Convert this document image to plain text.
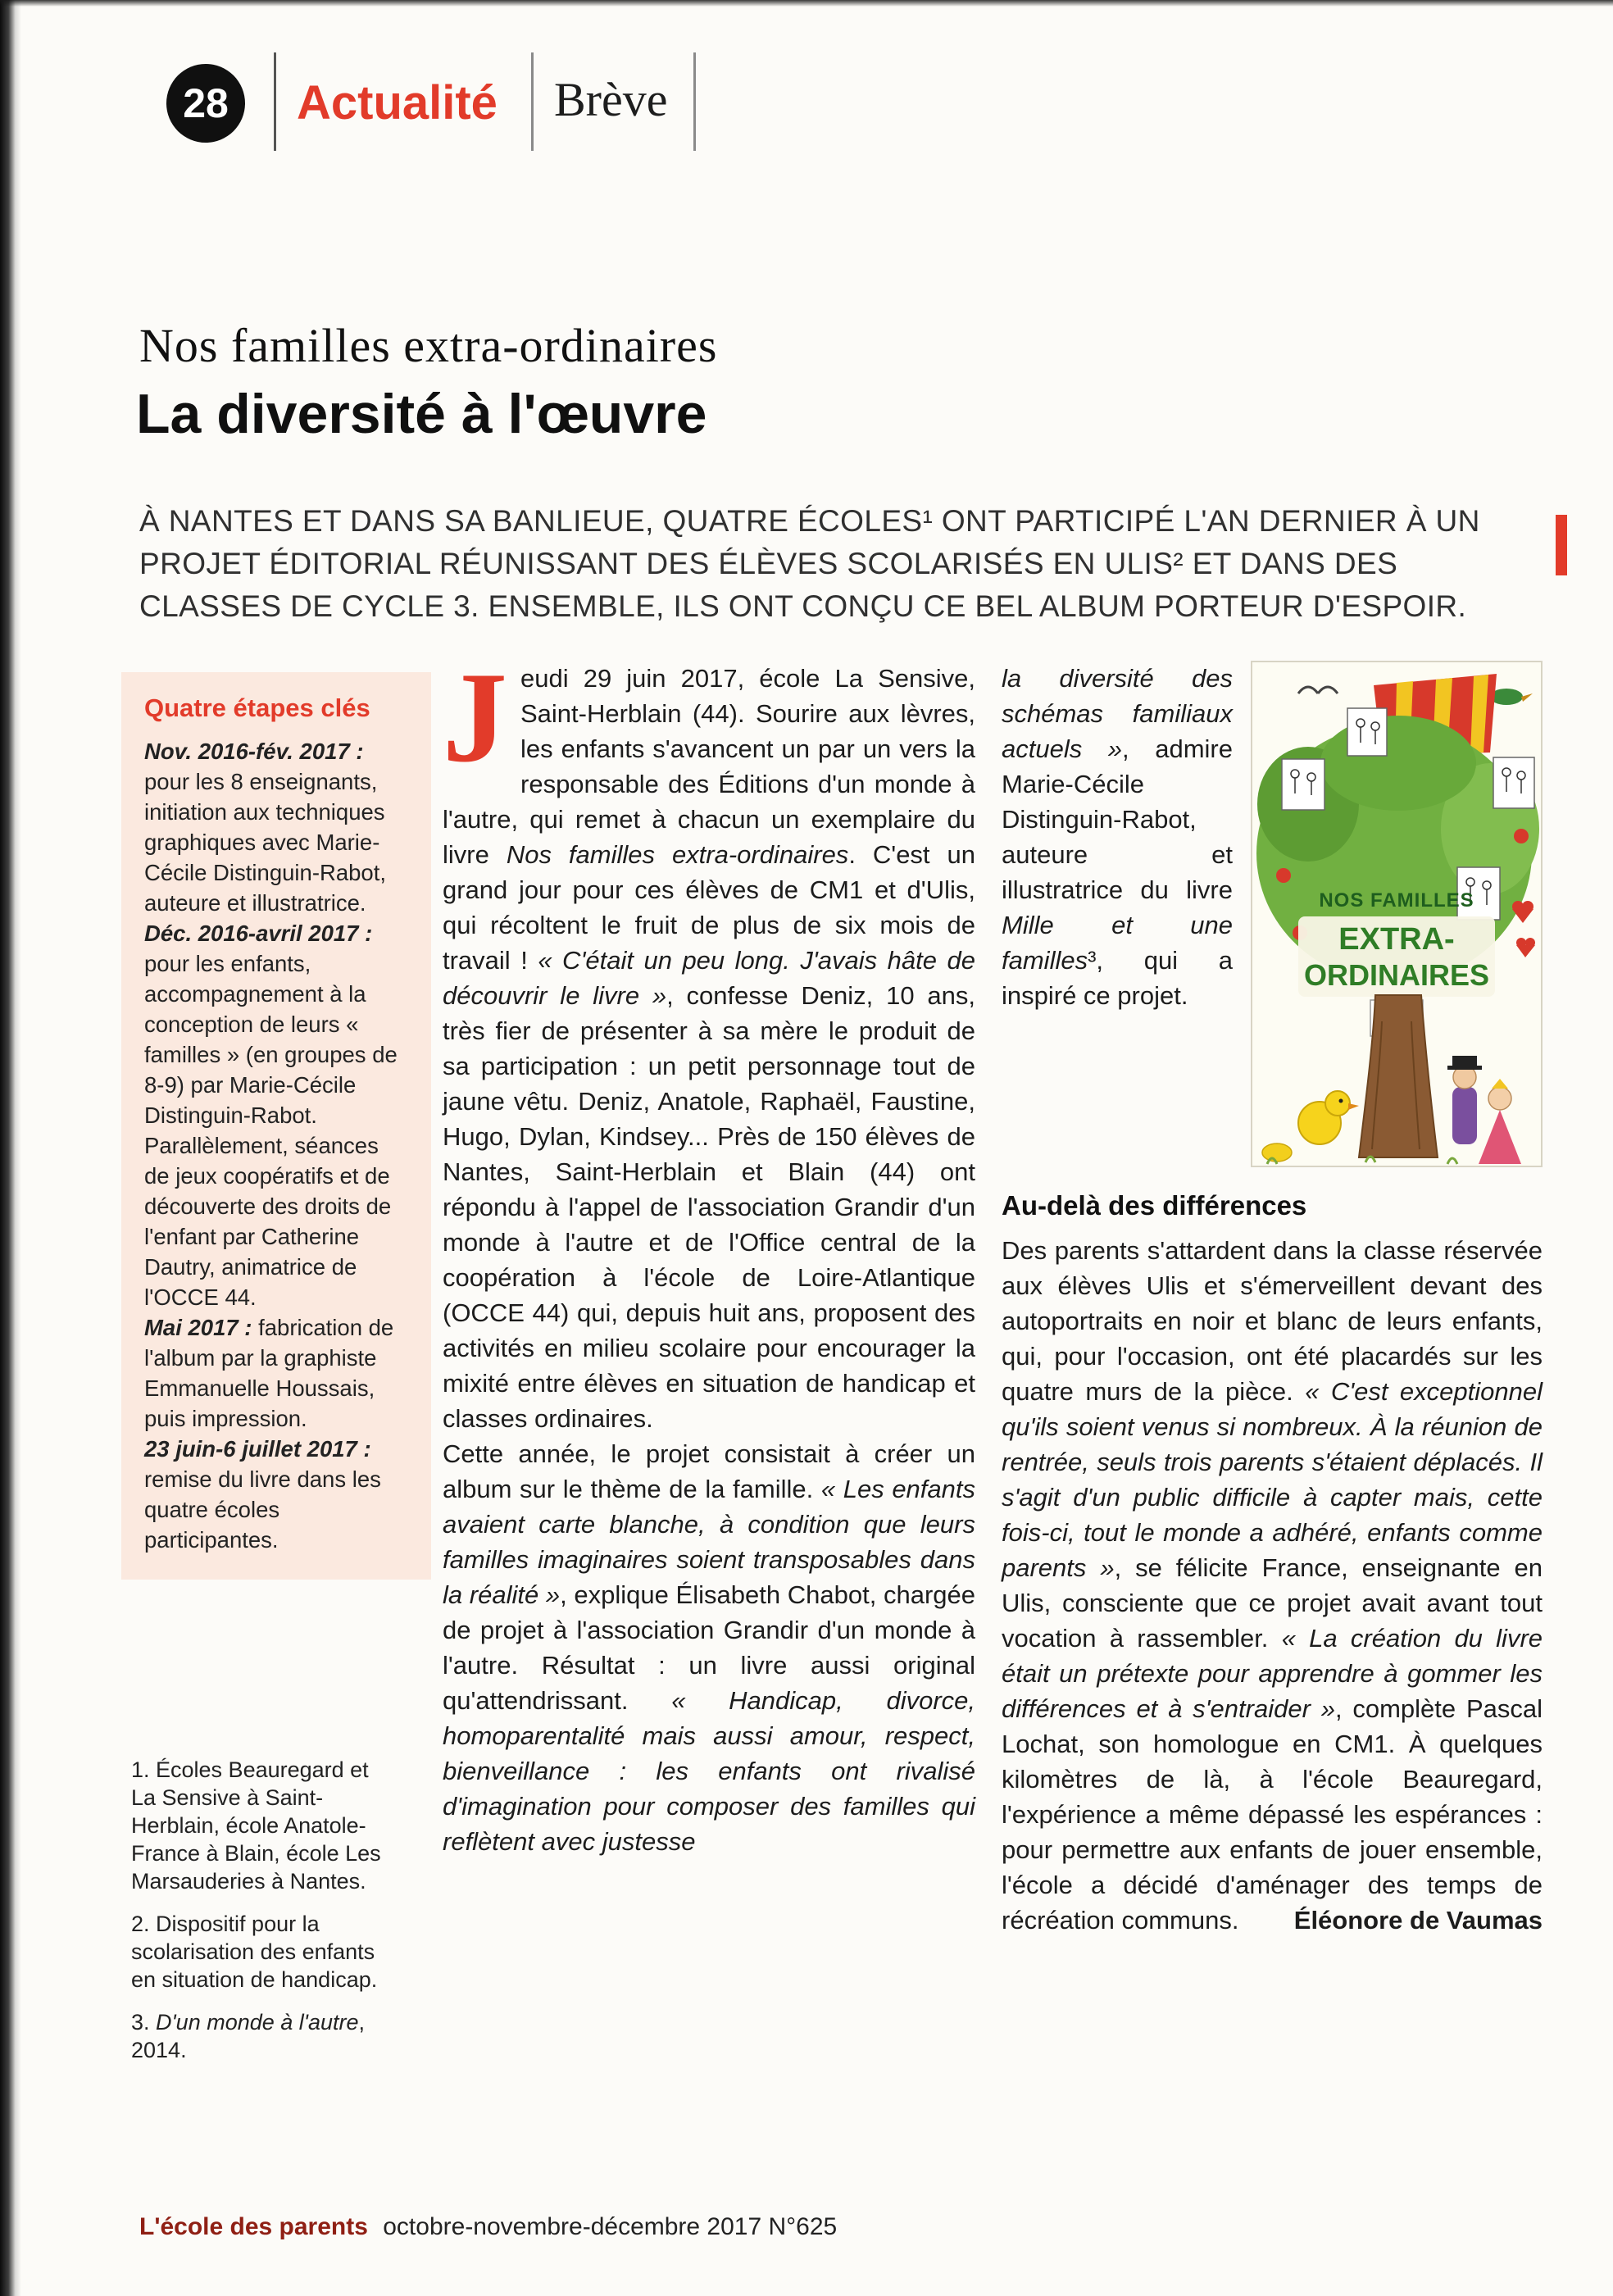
28	Actualité Brève
Nos familles extra-ordinaires
La diversité à l'œuvre

À NANTES ET DANS SA BANLIEUE, QUATRE ÉCOLES¹ ONT PARTICIPÉ L'AN DERNIER À UN PROJET ÉDITORIAL RÉUNISSANT DES ÉLÈVES SCOLARISÉS EN ULIS² ET DANS DES CLASSES DE CYCLE 3. ENSEMBLE, ILS ONT CONÇU CE BEL ALBUM PORTEUR D'ESPOIR.

Quatre étapes clés

Nov. 2016-fév. 2017 : pour les 8 enseignants, initiation aux techniques graphiques avec Marie-Cécile Distinguin-Rabot, auteure et illustratrice.

Déc. 2016-avril 2017 : pour les enfants, accompagnement à la conception de leurs « familles » (en groupes de 8-9) par Marie-Cécile Distinguin-Rabot. Parallèlement, séances de jeux coopératifs et de découverte des droits de l'enfant par Catherine Dautry, animatrice de l'OCCE 44.

Mai 2017 : fabrication de l'album par la graphiste Emmanuelle Houssais, puis impression.

23 juin-6 juillet 2017 : remise du livre dans les quatre écoles participantes.

1. Écoles Beauregard et La Sensive à Saint-Herblain, école Anatole-France à Blain, école Les Marsauderies à Nantes.

2. Dispositif pour la scolarisation des enfants en situation de handicap.

3. D'un monde à l'autre, 2014.

Jeudi 29 juin 2017, école La Sensive, Saint-Herblain (44). Sourire aux lèvres, les enfants s'avancent un par un vers la responsable des Éditions d'un monde à l'autre, qui remet à chacun un exemplaire du livre Nos familles extra-ordinaires. C'est un grand jour pour ces élèves de CM1 et d'Ulis, qui récoltent le fruit de plus de six mois de travail ! « C'était un peu long. J'avais hâte de découvrir le livre », confesse Deniz, 10 ans, très fier de présenter à sa mère le produit de sa participation : un petit personnage tout de jaune vêtu. Deniz, Anatole, Raphaël, Faustine, Hugo, Dylan, Kindsey... Près de 150 élèves de Nantes, Saint-Herblain et Blain (44) ont répondu à l'appel de l'association Grandir d'un monde à l'autre et de l'Office central de la coopération à l'école de Loire-Atlantique (OCCE 44) qui, depuis huit ans, proposent des activités en milieu scolaire pour encourager la mixité entre élèves en situation de handicap et classes ordinaires.

Cette année, le projet consistait à créer un album sur le thème de la famille. « Les enfants avaient carte blanche, à condition que leurs familles imaginaires soient transposables dans la réalité », explique Élisabeth Chabot, chargée de projet à l'association Grandir d'un monde à l'autre. Résultat : un livre aussi original qu'attendrissant. « Handicap, divorce, homoparentalité mais aussi amour, respect, bienveillance : les enfants ont rivalisé d'imagination pour composer des familles qui reflètent avec justesse

NOS FAMILLES
EXTRA-
ORDINAIRES

la diversité des schémas familiaux actuels », admire Marie-Cécile Distinguin-Rabot, auteure et illustratrice du livre Mille et une familles³, qui a inspiré ce projet.

Au-delà des différences

Des parents s'attardent dans la classe réservée aux élèves Ulis et s'émerveillent devant des autoportraits en noir et blanc de leurs enfants, qui, pour l'occasion, ont été placardés sur les quatre murs de la pièce. « C'est exceptionnel qu'ils soient venus si nombreux. À la réunion de rentrée, seuls trois parents s'étaient déplacés. Il s'agit d'un public difficile à capter mais, cette fois-ci, tout le monde a adhéré, enfants comme parents », se félicite France, enseignante en Ulis, consciente que ce projet avait avant tout vocation à rassembler. « La création du livre était un prétexte pour apprendre à gommer les différences et à s'entraider », complète Pascal Lochat, son homologue en CM1. À quelques kilomètres de là, à l'école Beauregard, l'expérience a même dépassé les espérances : pour permettre aux enfants de jouer ensemble, l'école a décidé d'aménager des temps de récréation communs. Éléonore de Vaumas

L'école des parents octobre-novembre-décembre 2017 N°625
